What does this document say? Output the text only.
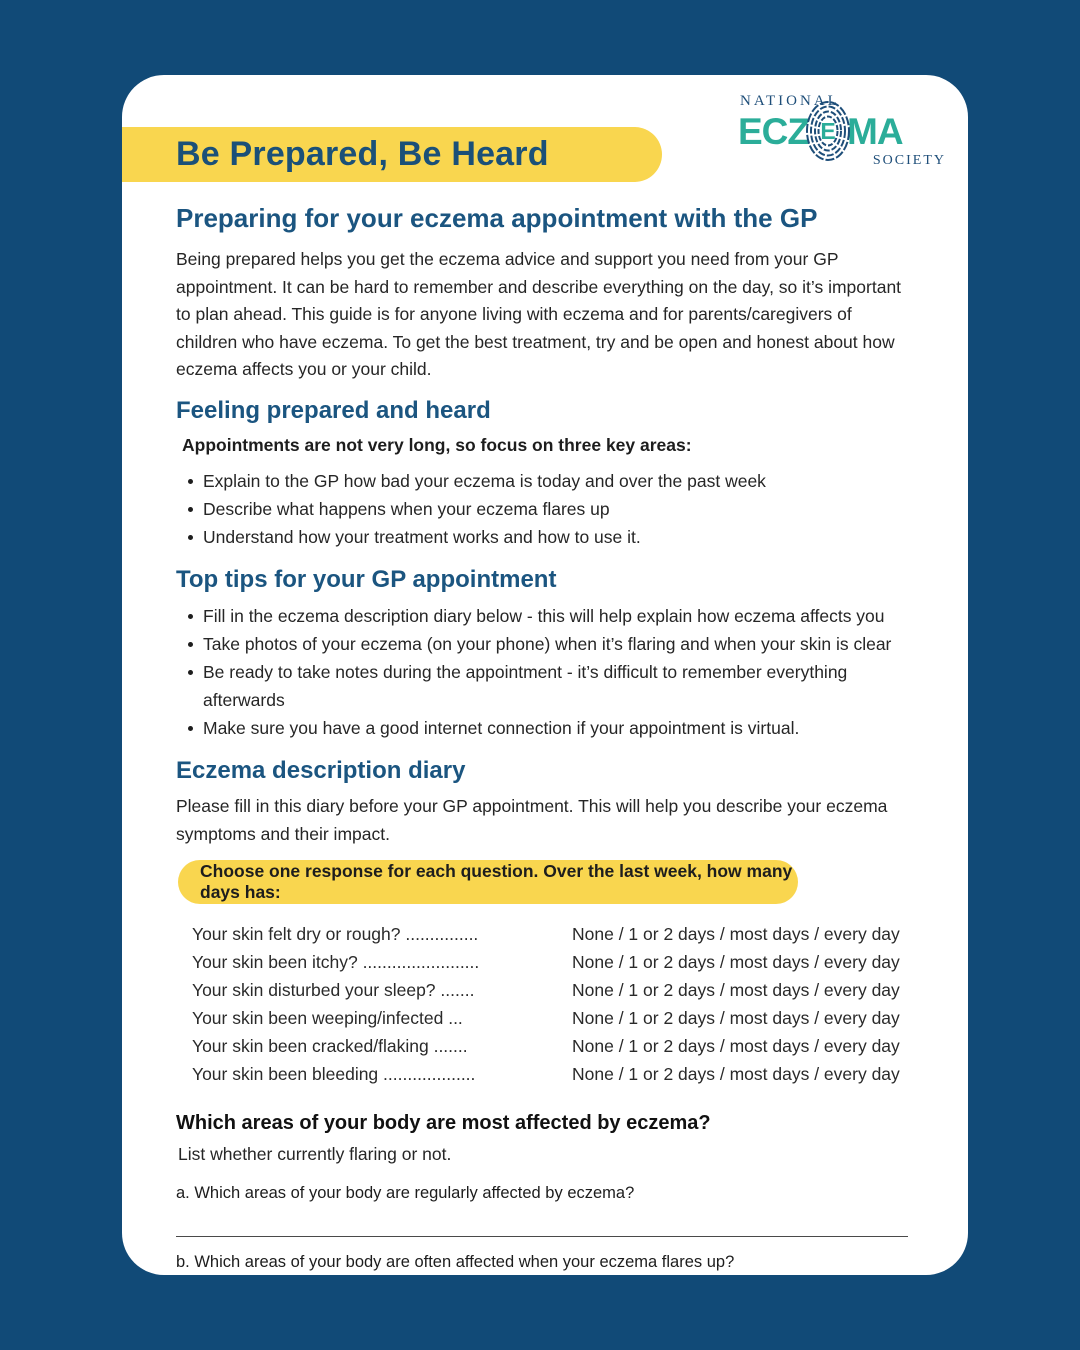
Be Prepared, Be Heard
NATIONAL
ECZ E MA
SOCIETY
Preparing for your eczema appointment with the GP

Being prepared helps you get the eczema advice and support you need from your GP appointment. It can be hard to remember and describe everything on the day, so it’s important to plan ahead. This guide is for anyone living with eczema and for parents/caregivers of children who have eczema. To get the best treatment, try and be open and honest about how eczema affects you or your child.

Feeling prepared and heard

Appointments are not very long, so focus on three key areas:

Explain to the GP how bad your eczema is today and over the past week
Describe what happens when your eczema flares up
Understand how your treatment works and how to use it.
Top tips for your GP appointment
Fill in the eczema description diary below - this will help explain how eczema affects you
Take photos of your eczema (on your phone) when it’s flaring and when your skin is clear
Be ready to take notes during the appointment - it’s difficult to remember everything afterwards
Make sure you have a good internet connection if your appointment is virtual.
Eczema description diary

Please fill in this diary before your GP appointment. This will help you describe your eczema symptoms and their impact.

Choose one response for each question. Over the last week, how many days has:
Your skin felt dry or rough? ...............	None / 1 or 2 days / most days / every day
Your skin been itchy? ........................	None / 1 or 2 days / most days / every day
Your skin disturbed your sleep? .......	None / 1 or 2 days / most days / every day
Your skin been weeping/infected ...	None / 1 or 2 days / most days / every day
Your skin been cracked/flaking .......	None / 1 or 2 days / most days / every day
Your skin been bleeding ...................	None / 1 or 2 days / most days / every day
Which areas of your body are most affected by eczema?

List whether currently flaring or not.

a. Which areas of your body are regularly affected by eczema?

b. Which areas of your body are often affected when your eczema flares up?
